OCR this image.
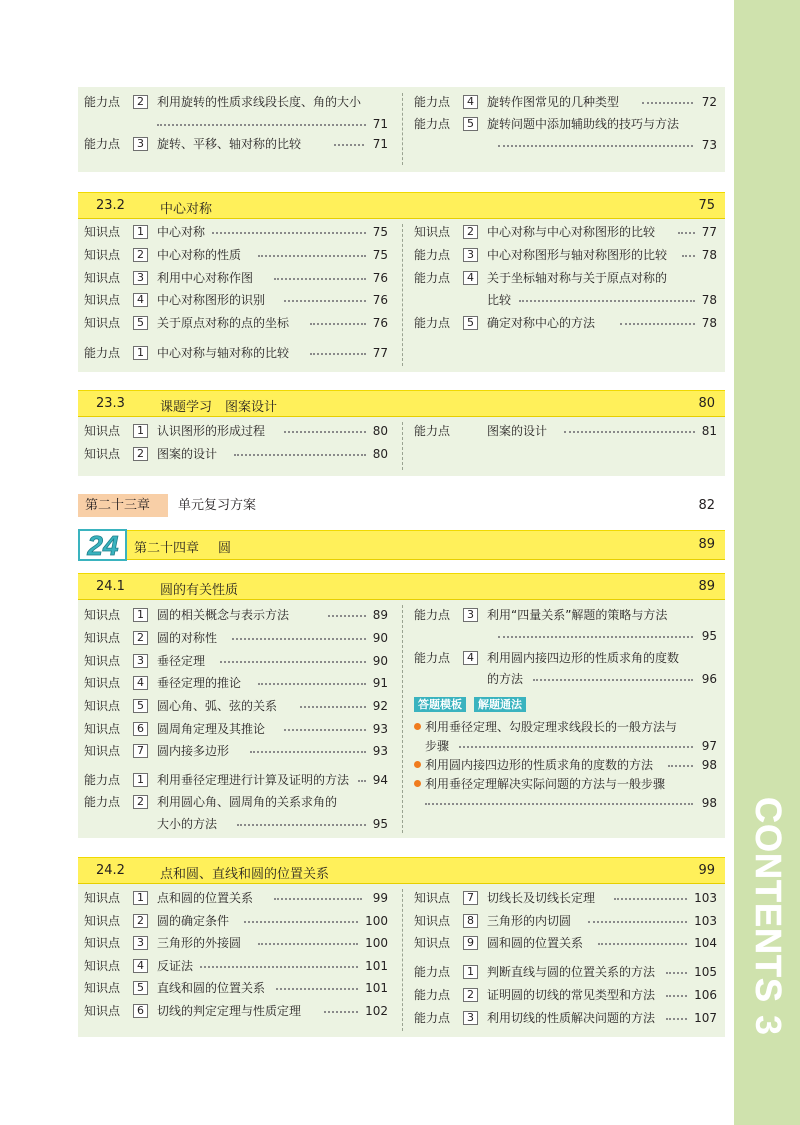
CONTENTS
3
能力点	2	利用旋转的性质求线段长度、角的大小
71
能力点	3	旋转、平移、轴对称的比较	71
能力点	4	旋转作图常见的几种类型	72
能力点	5	旋转问题中添加辅助线的技巧与方法
73
23.2	中心对称	75
知识点	1	中心对称	75
知识点	2	中心对称的性质	75
知识点	3	利用中心对称作图	76
知识点	4	中心对称图形的识别	76
知识点	5	关于原点对称的点的坐标	76
能力点	1	中心对称与轴对称的比较	77
知识点	2	中心对称与中心对称图形的比较	77
能力点	3	中心对称图形与轴对称图形的比较	78
能力点	4	关于坐标轴对称与关于原点对称的
比较	78
能力点	5	确定对称中心的方法	78
23.3	课题学习　图案设计	80
知识点	1	认识图形的形成过程	80
知识点	2	图案的设计	80
能力点	图案的设计	81
第二十三章	单元复习方案	82
24 第二十四章 圆	89
24.1	圆的有关性质	89
知识点	1	圆的相关概念与表示方法	89
知识点	2	圆的对称性	90
知识点	3	垂径定理	90
知识点	4	垂径定理的推论	91
知识点	5	圆心角、弧、弦的关系	92
知识点	6	圆周角定理及其推论	93
知识点	7	圆内接多边形	93
能力点	1	利用垂径定理进行计算及证明的方法 94
能力点	2	利用圆心角、圆周角的关系求角的
大小的方法	95
能力点	3	利用“四量关系”解题的策略与方法
95
能力点	4	利用圆内接四边形的性质求角的度数
的方法	96
答题模板	解题通法
利用垂径定理、勾股定理求线段长的一般方法与
步骤	97
利用圆内接四边形的性质求角的度数的方法	98
利用垂径定理解决实际问题的方法与一般步骤
98
24.2	点和圆、直线和圆的位置关系	99
知识点	1	点和圆的位置关系	99
知识点	2	圆的确定条件	100
知识点	3	三角形的外接圆	100
知识点	4	反证法	101
知识点	5	直线和圆的位置关系	101
知识点	6	切线的判定定理与性质定理	102
知识点	7	切线长及切线长定理	103
知识点	8	三角形的内切圆	103
知识点	9	圆和圆的位置关系	104
能力点	1	判断直线与圆的位置关系的方法	105
能力点	2	证明圆的切线的常见类型和方法	106
能力点	3	利用切线的性质解决问题的方法	107
